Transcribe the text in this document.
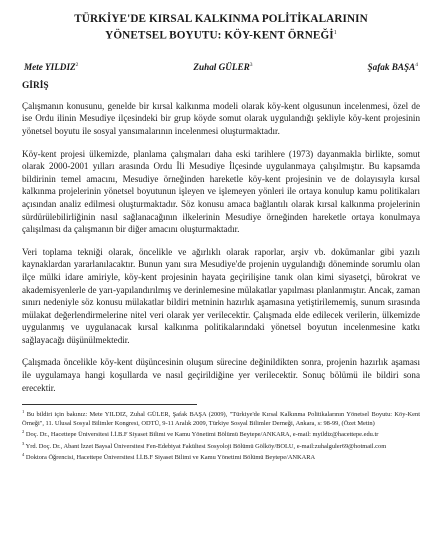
TÜRKİYE'DE KIRSAL KALKINMA POLİTİKALARININ
YÖNETSEL BOYUTU: KÖY-KENT ÖRNEĞİ$^1$
Mete YILDIZ$^2$	Zuhal GÜLER$^3$	Şafak BAŞA$^4$
GİRİŞ

Çalışmanın konusunu, genelde bir kırsal kalkınma modeli olarak köy-kent olgusunun incelenmesi, özel de ise Ordu ilinin Mesudiye ilçesindeki bir grup köyde somut olarak uygulandığı şekliyle köy-kent projesinin yönetsel boyutu ile sosyal yansımalarının incelenmesi oluşturmaktadır.

Köy-kent projesi ülkemizde, planlama çalışmaları daha eski tarihlere (1973) dayanmakla birlikte, somut olarak 2000-2001 yılları arasında Ordu İli Mesudiye İlçesinde uygulanmaya çalışılmıştır. Bu kapsamda bildirinin temel amacını, Mesudiye örneğinden hareketle köy-kent projesinin ve de dolayısıyla kırsal kalkınma projelerinin yönetsel boyutunun işleyen ve işlemeyen yönleri ile ortaya konulup kamu politikaları açısından analiz edilmesi oluşturmaktadır. Söz konusu amaca bağlantılı olarak kırsal kalkınma projelerinin sürdürülebilirliğinin nasıl sağlanacağının ilkelerinin Mesudiye örneğinden hareketle ortaya konulmaya çalışılması da çalışmanın bir diğer amacını oluşturmaktadır.

Veri toplama tekniği olarak, öncelikle ve ağırlıklı olarak raporlar, arşiv vb. dokümanlar gibi yazılı kaynaklardan yararlanılacaktır. Bunun yanı sıra Mesudiye'de projenin uygulandığı döneminde sorumlu olan ilçe mülki idare amiriyle, köy-kent projesinin hayata geçirilişine tanık olan kimi siyasetçi, bürokrat ve akademisyenlerle de yarı-yapılandırılmış ve derinlemesine mülakatlar yapılması planlanmıştır. Ancak, zaman sınırı nedeniyle söz konusu mülakatlar bildiri metninin hazırlık aşamasına yetiştirilememiş, sunum sırasında mülakat değerlendirmelerine nitel veri olarak yer verilecektir. Çalışmada elde edilecek verilerin, ülkemizde uygulanmış ve uygulanacak kırsal kalkınma politikalarındaki yönetsel boyutun incelenmesine katkı sağlayacağı düşünülmektedir.

Çalışmada öncelikle köy-kent düşüncesinin oluşum sürecine değinildikten sonra, projenin hazırlık aşaması ile uygulamaya hangi koşullarda ve nasıl geçirildiğine yer verilecektir. Sonuç bölümü ile bildiri sona erecektir.

$^1$ Bu bildiri için bakınız: Mete YILDIZ, Zuhal GÜLER, Şafak BAŞA (2009), "Türkiye'de Kırsal Kalkınma Politikalarının Yönetsel Boyutu: Köy-Kent Örneği", 11. Ulusal Sosyal Bilimler Kongresi, ODTÜ, 9-11 Aralık 2009, Türkiye Sosyal Bilimler Derneği, Ankara, s: 98-99, (Özet Metin)

$^2$ Doç. Dr., Hacettepe Üniversitesi İ.İ.B.F Siyaset Bilimi ve Kamu Yönetimi Bölümü Beytepe/ANKARA, e-mail: myildiz@hacettepe.edu.tr

$^3$ Yrd. Doç. Dr., Abant İzzet Baysal Üniversitesi Fen-Edebiyat Fakültesi Sosyoloji Bölümü Gölköy/BOLU, e-mail:zuhalguler69@hotmail.com

$^4$ Doktora Öğrencisi, Hacettepe Üniversitesi İ.İ.B.F Siyaset Bilimi ve Kamu Yönetimi Bölümü Beytepe/ANKARA
